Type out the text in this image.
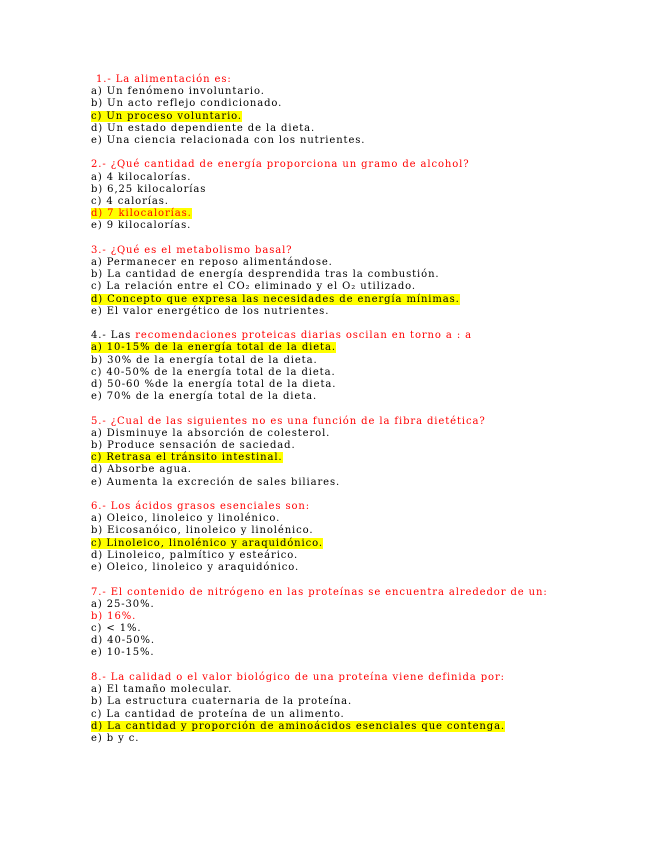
1.- La alimentación es:
a) Un fenómeno involuntario.
b) Un acto reflejo condicionado.
c) Un proceso voluntario.
d) Un estado dependiente de la dieta.
e) Una ciencia relacionada con los nutrientes.
2.- ¿Qué cantidad de energía proporciona un gramo de alcohol?
a) 4 kilocalorías.
b) 6,25 kilocalorías
c) 4 calorías.
d) 7 kilocalorías.
e) 9 kilocalorías.
3.- ¿Qué es el metabolismo basal?
a) Permanecer en reposo alimentándose.
b) La cantidad de energía desprendida tras la combustión.
c) La relación entre el CO₂ eliminado y el O₂ utilizado.
d) Concepto que expresa las necesidades de energía mínimas.
e) El valor energético de los nutrientes.
4.- Las recomendaciones proteicas diarias oscilan en torno a : a
a) 10-15% de la energía total de la dieta.
b) 30% de la energía total de la dieta.
c) 40-50% de la energía total de la dieta.
d) 50-60 %de la energía total de la dieta.
e) 70% de la energía total de la dieta.
5.- ¿Cual de las siguientes no es una función de la fibra dietética?
a) Disminuye la absorción de colesterol.
b) Produce sensación de saciedad.
c) Retrasa el tránsito intestinal.
d) Absorbe agua.
e) Aumenta la excreción de sales biliares.
6.- Los ácidos grasos esenciales son:
a) Oleico, linoleico y linolénico.
b) Eicosanóico, linoleico y linolénico.
c) Linoleico, linolénico y araquidónico.
d) Linoleico, palmítico y esteárico.
e) Oleico, linoleico y araquidónico.
7.- El contenido de nitrógeno en las proteínas se encuentra alrededor de un:
a) 25-30%.
b) 16%.
c) < 1%.
d) 40-50%.
e) 10-15%.
8.- La calidad o el valor biológico de una proteína viene definida por:
a) El tamaño molecular.
b) La estructura cuaternaria de la proteína.
c) La cantidad de proteína de un alimento.
d) La cantidad y proporción de aminoácidos esenciales que contenga.
e) b y c.
